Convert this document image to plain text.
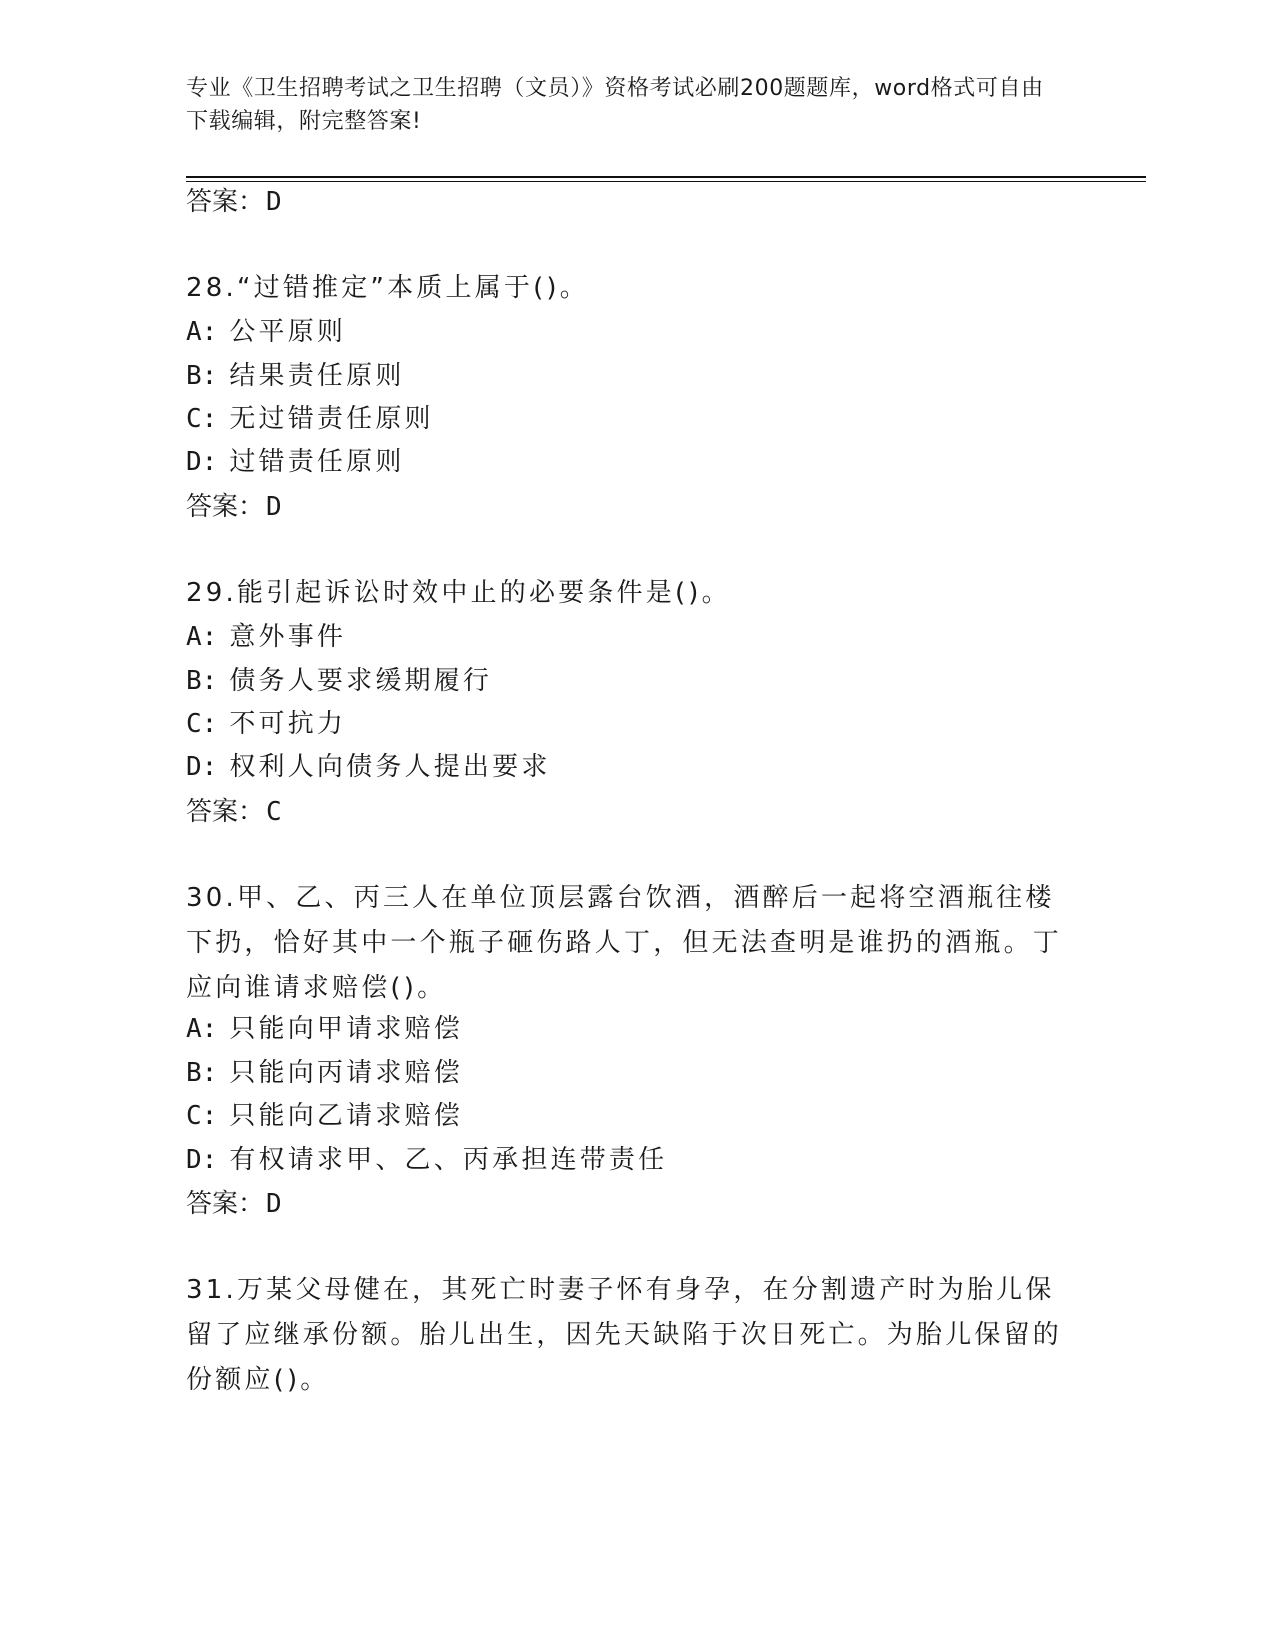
专业《卫生招聘考试之卫生招聘（文员）》资格考试必刷200题题库，word格式可自由下载编辑，附完整答案!
答案：D
28.“过错推定”本质上属于()。
A: 公平原则
B: 结果责任原则
C: 无过错责任原则
D: 过错责任原则
答案：D
29.能引起诉讼时效中止的必要条件是()。
A: 意外事件
B: 债务人要求缓期履行
C: 不可抗力
D: 权利人向债务人提出要求
答案：C
30.甲、乙、丙三人在单位顶层露台饮酒，酒醉后一起将空酒瓶往楼下扔，恰好其中一个瓶子砸伤路人丁，但无法查明是谁扔的酒瓶。丁应向谁请求赔偿()。
A: 只能向甲请求赔偿
B: 只能向丙请求赔偿
C: 只能向乙请求赔偿
D: 有权请求甲、乙、丙承担连带责任
答案：D
31.万某父母健在，其死亡时妻子怀有身孕，在分割遗产时为胎儿保留了应继承份额。胎儿出生，因先天缺陷于次日死亡。为胎儿保留的份额应()。
